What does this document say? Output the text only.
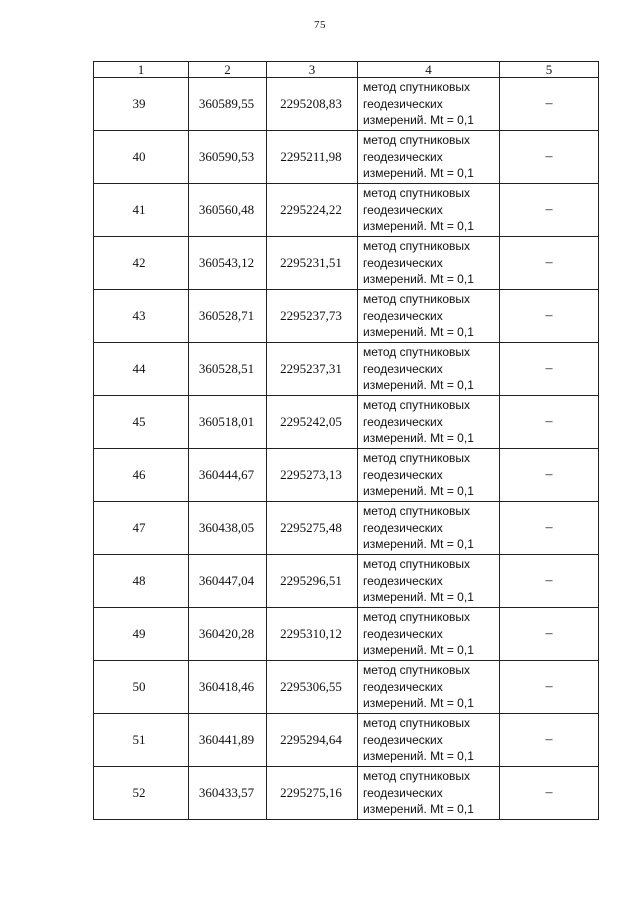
75
1	2	3	4	5
39	360589,55	2295208,83	метод спутниковых
геодезических
измерений. Mt = 0,1	–
40	360590,53	2295211,98	метод спутниковых
геодезических
измерений. Mt = 0,1	–
41	360560,48	2295224,22	метод спутниковых
геодезических
измерений. Mt = 0,1	–
42	360543,12	2295231,51	метод спутниковых
геодезических
измерений. Mt = 0,1	–
43	360528,71	2295237,73	метод спутниковых
геодезических
измерений. Mt = 0,1	–
44	360528,51	2295237,31	метод спутниковых
геодезических
измерений. Mt = 0,1	–
45	360518,01	2295242,05	метод спутниковых
геодезических
измерений. Mt = 0,1	–
46	360444,67	2295273,13	метод спутниковых
геодезических
измерений. Mt = 0,1	–
47	360438,05	2295275,48	метод спутниковых
геодезических
измерений. Mt = 0,1	–
48	360447,04	2295296,51	метод спутниковых
геодезических
измерений. Mt = 0,1	–
49	360420,28	2295310,12	метод спутниковых
геодезических
измерений. Mt = 0,1	–
50	360418,46	2295306,55	метод спутниковых
геодезических
измерений. Mt = 0,1	–
51	360441,89	2295294,64	метод спутниковых
геодезических
измерений. Mt = 0,1	–
52	360433,57	2295275,16	метод спутниковых
геодезических
измерений. Mt = 0,1	–
